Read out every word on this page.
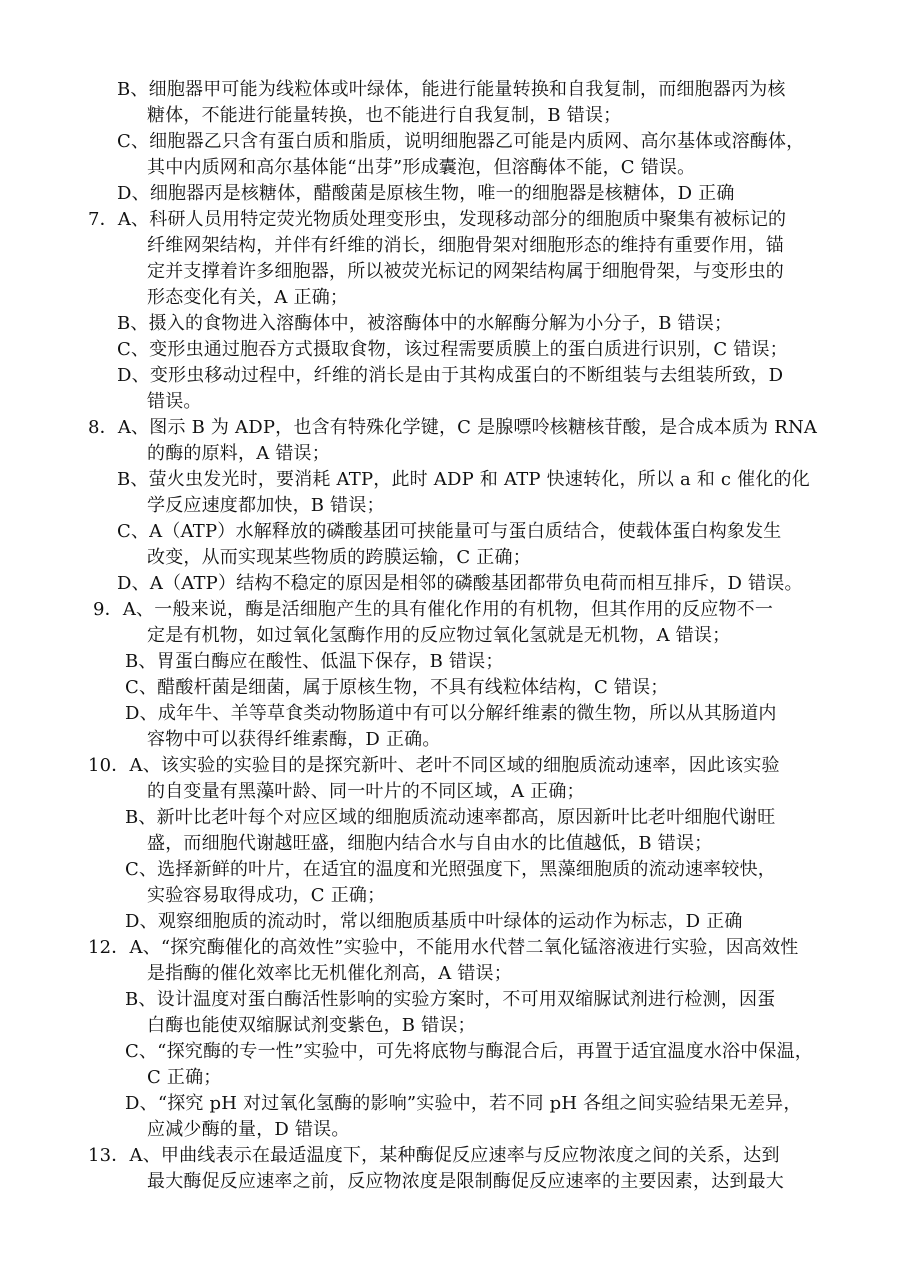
B、细胞器甲可能为线粒体或叶绿体，能进行能量转换和自我复制，而细胞器丙为核
糖体，不能进行能量转换，也不能进行自我复制，B 错误；
C、细胞器乙只含有蛋白质和脂质，说明细胞器乙可能是内质网、高尔基体或溶酶体，
其中内质网和高尔基体能“出芽”形成囊泡，但溶酶体不能，C 错误。
D、细胞器丙是核糖体，醋酸菌是原核生物，唯一的细胞器是核糖体，D 正确
7．A、科研人员用特定荧光物质处理变形虫，发现移动部分的细胞质中聚集有被标记的
纤维网架结构，并伴有纤维的消长，细胞骨架对细胞形态的维持有重要作用，锚
定并支撑着许多细胞器，所以被荧光标记的网架结构属于细胞骨架，与变形虫的
形态变化有关，A 正确；
B、摄入的食物进入溶酶体中，被溶酶体中的水解酶分解为小分子，B 错误；
C、变形虫通过胞吞方式摄取食物，该过程需要质膜上的蛋白质进行识别，C 错误；
D、变形虫移动过程中，纤维的消长是由于其构成蛋白的不断组装与去组装所致，D
错误。
8．A、图示 B 为 ADP，也含有特殊化学键，C 是腺嘌呤核糖核苷酸，是合成本质为 RNA
的酶的原料，A 错误；
B、萤火虫发光时，要消耗 ATP，此时 ADP 和 ATP 快速转化，所以 a 和 c 催化的化
学反应速度都加快，B 错误；
C、A（ATP）水解释放的磷酸基团可挟能量可与蛋白质结合，使载体蛋白构象发生
改变，从而实现某些物质的跨膜运输，C 正确；
D、A（ATP）结构不稳定的原因是相邻的磷酸基团都带负电荷而相互排斥，D 错误。
9．A、一般来说，酶是活细胞产生的具有催化作用的有机物，但其作用的反应物不一
定是有机物，如过氧化氢酶作用的反应物过氧化氢就是无机物，A 错误；
B、胃蛋白酶应在酸性、低温下保存，B 错误；
C、醋酸杆菌是细菌，属于原核生物，不具有线粒体结构，C 错误；
D、成年牛、羊等草食类动物肠道中有可以分解纤维素的微生物，所以从其肠道内
容物中可以获得纤维素酶，D 正确。
10．A、该实验的实验目的是探究新叶、老叶不同区域的细胞质流动速率，因此该实验
的自变量有黑藻叶龄、同一叶片的不同区域，A 正确；
B、新叶比老叶每个对应区域的细胞质流动速率都高，原因新叶比老叶细胞代谢旺
盛，而细胞代谢越旺盛，细胞内结合水与自由水的比值越低，B 错误；
C、选择新鲜的叶片，在适宜的温度和光照强度下，黑藻细胞质的流动速率较快，
实验容易取得成功，C 正确；
D、观察细胞质的流动时，常以细胞质基质中叶绿体的运动作为标志，D 正确
12．A、“探究酶催化的高效性”实验中，不能用水代替二氧化锰溶液进行实验，因高效性
是指酶的催化效率比无机催化剂高，A 错误；
B、设计温度对蛋白酶活性影响的实验方案时，不可用双缩脲试剂进行检测，因蛋
白酶也能使双缩脲试剂变紫色，B 错误；
C、“探究酶的专一性”实验中，可先将底物与酶混合后，再置于适宜温度水浴中保温，
C 正确；
D、“探究 pH 对过氧化氢酶的影响”实验中，若不同 pH 各组之间实验结果无差异，
应减少酶的量，D 错误。
13．A、甲曲线表示在最适温度下，某种酶促反应速率与反应物浓度之间的关系，达到
最大酶促反应速率之前，反应物浓度是限制酶促反应速率的主要因素，达到最大
